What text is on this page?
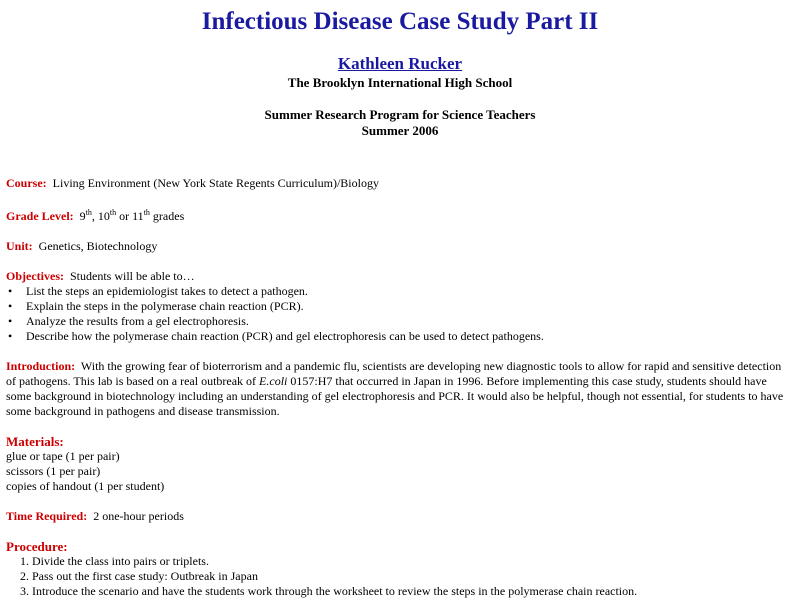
Infectious Disease Case Study Part II
Kathleen Rucker
The Brooklyn International High School
Summer Research Program for Science Teachers
Summer 2006

Course: Living Environment (New York State Regents Curriculum)/Biology

Grade Level: 9th, 10th or 11th grades

Unit: Genetics, Biotechnology

Objectives: Students will be able to…

• List the steps an epidemiologist takes to detect a pathogen.
• Explain the steps in the polymerase chain reaction (PCR).
• Analyze the results from a gel electrophoresis.
• Describe how the polymerase chain reaction (PCR) and gel electrophoresis can be used to detect pathogens.

Introduction: With the growing fear of bioterrorism and a pandemic flu, scientists are developing new diagnostic tools to allow for rapid and sensitive detection of pathogens. This lab is based on a real outbreak of E.coli 0157:H7 that occurred in Japan in 1996. Before implementing this case study, students should have some background in biotechnology including an understanding of gel electrophoresis and PCR. It would also be helpful, though not essential, for students to have some background in pathogens and disease transmission.

Materials:
glue or tape (1 per pair)
scissors (1 per pair)
copies of handout (1 per student)

Time Required: 2 one-hour periods

Procedure:
1. Divide the class into pairs or triplets.
2. Pass out the first case study: Outbreak in Japan
3. Introduce the scenario and have the students work through the worksheet to review the steps in the polymerase chain reaction.
